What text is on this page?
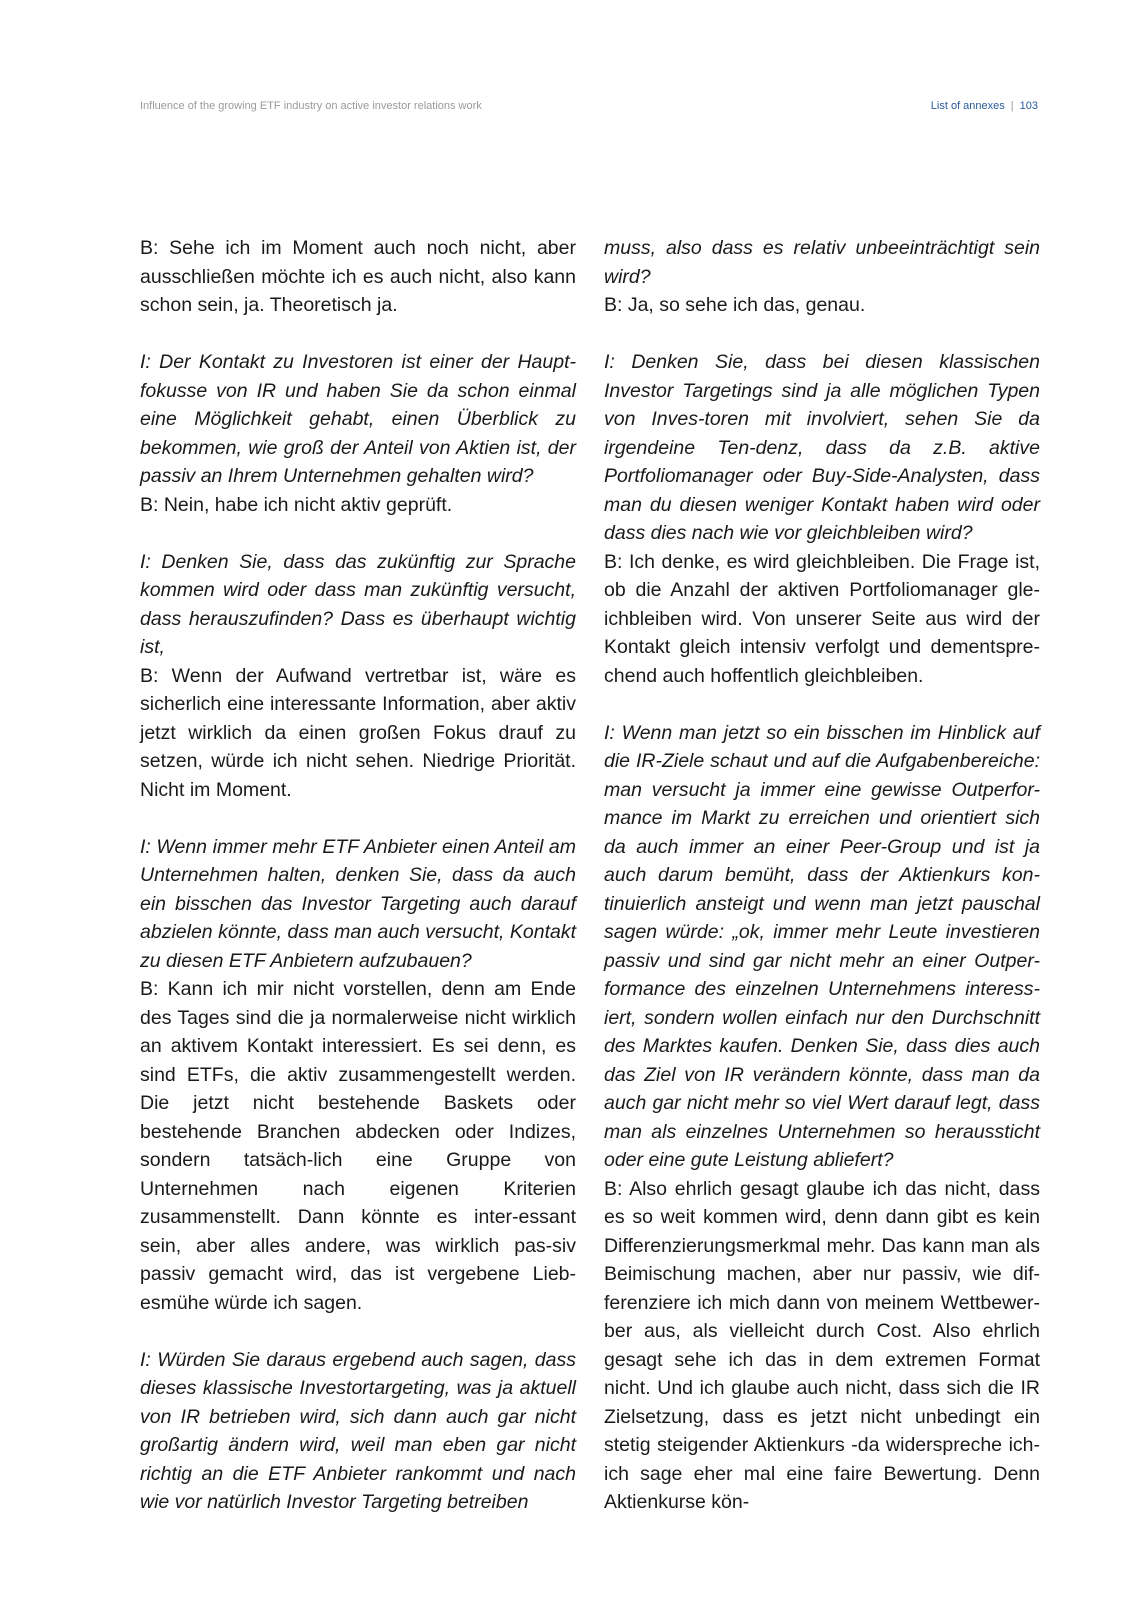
Influence of the growing ETF industry on active investor relations work	List of annexes | 103

B: Sehe ich im Moment auch noch nicht, aber ausschließen möchte ich es auch nicht, also kann schon sein, ja. Theoretisch ja.

I: Der Kontakt zu Investoren ist einer der Haupt-fokusse von IR und haben Sie da schon einmal eine Möglichkeit gehabt, einen Überblick zu bekommen, wie groß der Anteil von Aktien ist, der passiv an Ihrem Unternehmen gehalten wird?

B: Nein, habe ich nicht aktiv geprüft.

I: Denken Sie, dass das zukünftig zur Sprache kommen wird oder dass man zukünftig versucht, dass herauszufinden? Dass es überhaupt wichtig ist,

B: Wenn der Aufwand vertretbar ist, wäre es sicherlich eine interessante Information, aber aktiv jetzt wirklich da einen großen Fokus drauf zu setzen, würde ich nicht sehen. Niedrige Priorität. Nicht im Moment.

I: Wenn immer mehr ETF Anbieter einen Anteil am Unternehmen halten, denken Sie, dass da auch ein bisschen das Investor Targeting auch darauf abzielen könnte, dass man auch versucht, Kontakt zu diesen ETF Anbietern aufzubauen?

B: Kann ich mir nicht vorstellen, denn am Ende des Tages sind die ja normalerweise nicht wirklich an aktivem Kontakt interessiert. Es sei denn, es sind ETFs, die aktiv zusammengestellt werden. Die jetzt nicht bestehende Baskets oder bestehende Branchen abdecken oder Indizes, sondern tatsäch-lich eine Gruppe von Unternehmen nach eigenen Kriterien zusammenstellt. Dann könnte es inter-essant sein, aber alles andere, was wirklich pas-siv passiv gemacht wird, das ist vergebene Lieb-esmühe würde ich sagen.

I: Würden Sie daraus ergebend auch sagen, dass dieses klassische Investortargeting, was ja aktuell von IR betrieben wird, sich dann auch gar nicht großartig ändern wird, weil man eben gar nicht richtig an die ETF Anbieter rankommt und nach wie vor natürlich Investor Targeting betreiben

muss, also dass es relativ unbeeinträchtigt sein wird?

B: Ja, so sehe ich das, genau.

I: Denken Sie, dass bei diesen klassischen Investor Targetings sind ja alle möglichen Typen von Inves-toren mit involviert, sehen Sie da irgendeine Ten-denz, dass da z.B. aktive Portfoliomanager oder Buy-Side-Analysten, dass man du diesen weniger Kontakt haben wird oder dass dies nach wie vor gleichbleiben wird?

B: Ich denke, es wird gleichbleiben. Die Frage ist, ob die Anzahl der aktiven Portfoliomanager gle-ichbleiben wird. Von unserer Seite aus wird der Kontakt gleich intensiv verfolgt und dementspre-chend auch hoffentlich gleichbleiben.

I: Wenn man jetzt so ein bisschen im Hinblick auf die IR-Ziele schaut und auf die Aufgabenbereiche: man versucht ja immer eine gewisse Outperfor-mance im Markt zu erreichen und orientiert sich da auch immer an einer Peer-Group und ist ja auch darum bemüht, dass der Aktienkurs kon-tinuierlich ansteigt und wenn man jetzt pauschal sagen würde: „ok, immer mehr Leute investieren passiv und sind gar nicht mehr an einer Outper-formance des einzelnen Unternehmens interess-iert, sondern wollen einfach nur den Durchschnitt des Marktes kaufen. Denken Sie, dass dies auch das Ziel von IR verändern könnte, dass man da auch gar nicht mehr so viel Wert darauf legt, dass man als einzelnes Unternehmen so heraussticht oder eine gute Leistung abliefert?

B: Also ehrlich gesagt glaube ich das nicht, dass es so weit kommen wird, denn dann gibt es kein Differenzierungsmerkmal mehr. Das kann man als Beimischung machen, aber nur passiv, wie dif-ferenziere ich mich dann von meinem Wettbewer-ber aus, als vielleicht durch Cost. Also ehrlich gesagt sehe ich das in dem extremen Format nicht. Und ich glaube auch nicht, dass sich die IR Zielsetzung, dass es jetzt nicht unbedingt ein stetig steigender Aktienkurs -da widerspreche ich- ich sage eher mal eine faire Bewertung. Denn Aktienkurse kön-
